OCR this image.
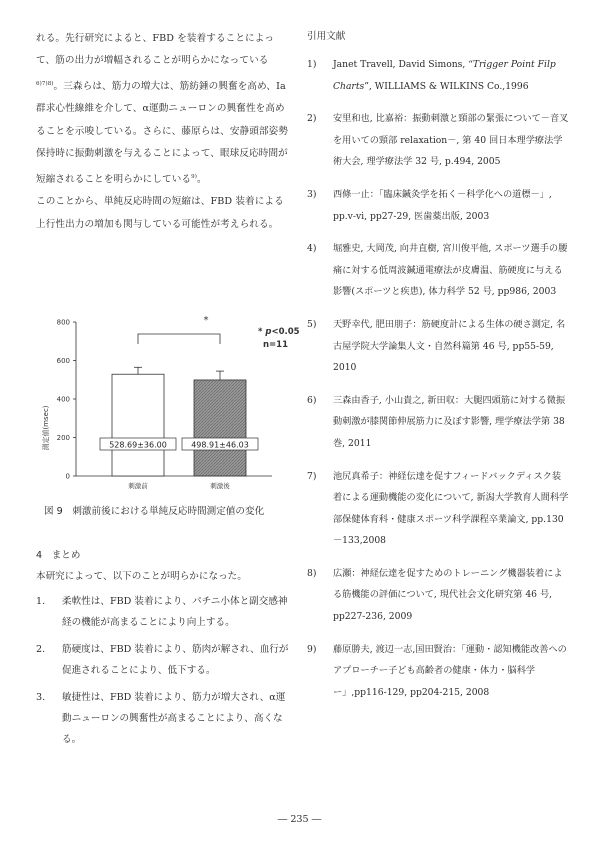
れる。先行研究によると、FBD を装着することによって、筋の出力が増幅されることが明らかになっている$^{6)7)8)}$。三森らは、筋力の増大は、筋紡錘の興奮を高め、Ⅰa 群求心性線維を介して、α運動ニューロンの興奮性を高めることを示唆している。さらに、藤原らは、安静頭部姿勢保持時に振動刺激を与えることによって、眼球反応時間が短縮されることを明らかにしている$^{9)}$。

このことから、単純反応時間の短縮は、FBD 装着による上行性出力の増加も関与している可能性が考えられる。

0
200
400
600
800
528.69±36.00
刺激前
498.91±46.03
刺激後
測定値(msec)
*
* p<0.05
n=11
図 9　刺激前後における単純反応時間測定値の変化

4　まとめ

本研究によって、以下のことが明らかになった。

1.	柔軟性は、FBD 装着により、パチニ小体と副交感神経の機能が高まることにより向上する。
2.	筋硬度は、FBD 装着により、筋肉が解され、血行が促進されることにより、低下する。
3.	敏捷性は、FBD 装着により、筋力が増大され、α運動ニューロンの興奮性が高まることにより、高くなる。

引用文献

1)	Janet Travell, David Simons, “Trigger Point Filp Charts”, WILLIAMS & WILKINS Co.,1996
2)	安里和也, 比嘉裕：振動刺激と頸部の緊張について－音叉を用いての頸部 relaxation－, 第 40 回日本理学療法学術大会, 理学療法学 32 号, p.494, 2005
3)	西條一止：「臨床鍼灸学を拓く－科学化への道標－」, pp.ⅴ-ⅵ, pp27-29, 医歯薬出版, 2003
4)	堀雅史, 大岡茂, 向井直樹, 宮川俊平他, スポーツ選手の腰痛に対する低周波鍼通電療法が皮膚温、筋硬度に与える影響(スポーツと疾患), 体力科学 52 号, pp986, 2003
5)	天野幸代, 肥田朋子：筋硬度計による生体の硬さ測定, 名古屋学院大学論集人文・自然科篇第 46 号, pp55-59, 2010
6)	三森由香子, 小山貴之, 新田収：大腿四頭筋に対する微振動刺激が膝関節伸展筋力に及ぼす影響, 理学療法学第 38 巻, 2011
7)	池尻真希子：神経伝達を促すフィードバックディスク装着による運動機能の変化について, 新潟大学教育人間科学部保健体育科・健康スポーツ科学課程卒業論文, pp.130－133,2008
8)	広瀬：神経伝達を促すためのトレーニング機器装着による筋機能の評価について, 現代社会文化研究第 46 号, pp227-236, 2009
9)	藤原勝夫, 渡辺一志,国田賢治：「運動・認知機能改善へのアプローチー子ども高齢者の健康・体力・脳科学ー」,pp116-129, pp204-215, 2008
― 235 ―
